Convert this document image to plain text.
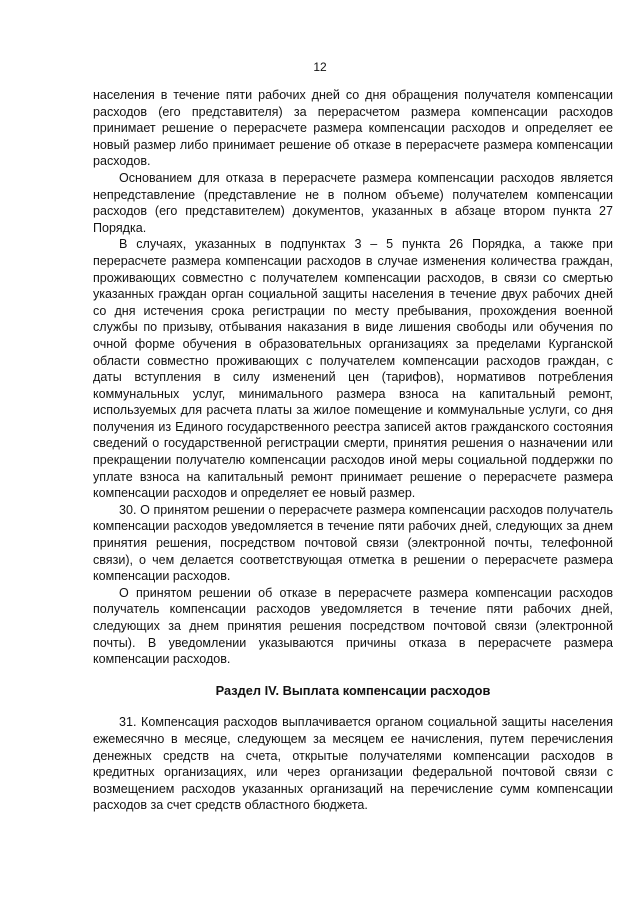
12

населения в течение пяти рабочих дней со дня обращения получателя компенсации расходов (его представителя) за перерасчетом размера компенсации расходов принимает решение о перерасчете размера компенсации расходов и определяет ее новый размер либо принимает решение об отказе в перерасчете размера компенсации расходов.

Основанием для отказа в перерасчете размера компенсации расходов является непредставление (представление не в полном объеме) получателем компенсации расходов (его представителем) документов, указанных в абзаце втором пункта 27 Порядка.

В случаях, указанных в подпунктах 3 – 5 пункта 26 Порядка, а также при перерасчете размера компенсации расходов в случае изменения количества граждан, проживающих совместно с получателем компенсации расходов, в связи со смертью указанных граждан орган социальной защиты населения в течение двух рабочих дней со дня истечения срока регистрации по месту пребывания, прохождения военной службы по призыву, отбывания наказания в виде лишения свободы или обучения по очной форме обучения в образовательных организациях за пределами Курганской области совместно проживающих с получателем компенсации расходов граждан, с даты вступления в силу изменений цен (тарифов), нормативов потребления коммунальных услуг, минимального размера взноса на капитальный ремонт, используемых для расчета платы за жилое помещение и коммунальные услуги, со дня получения из Единого государственного реестра записей актов гражданского состояния сведений о государственной регистрации смерти, принятия решения о назначении или прекращении получателю компенсации расходов иной меры социальной поддержки по уплате взноса на капитальный ремонт принимает решение о перерасчете размера компенсации расходов и определяет ее новый размер.

30. О принятом решении о перерасчете размера компенсации расходов получатель компенсации расходов уведомляется в течение пяти рабочих дней, следующих за днем принятия решения, посредством почтовой связи (электронной почты, телефонной связи), о чем делается соответствующая отметка в решении о перерасчете размера компенсации расходов.

О принятом решении об отказе в перерасчете размера компенсации расходов получатель компенсации расходов уведомляется в течение пяти рабочих дней, следующих за днем принятия решения посредством почтовой связи (электронной почты). В уведомлении указываются причины отказа в перерасчете размера компенсации расходов.

Раздел IV. Выплата компенсации расходов

31. Компенсация расходов выплачивается органом социальной защиты населения ежемесячно в месяце, следующем за месяцем ее начисления, путем перечисления денежных средств на счета, открытые получателями компенсации расходов в кредитных организациях, или через организации федеральной почтовой связи с возмещением расходов указанных организаций на перечисление сумм компенсации расходов за счет средств областного бюджета.
